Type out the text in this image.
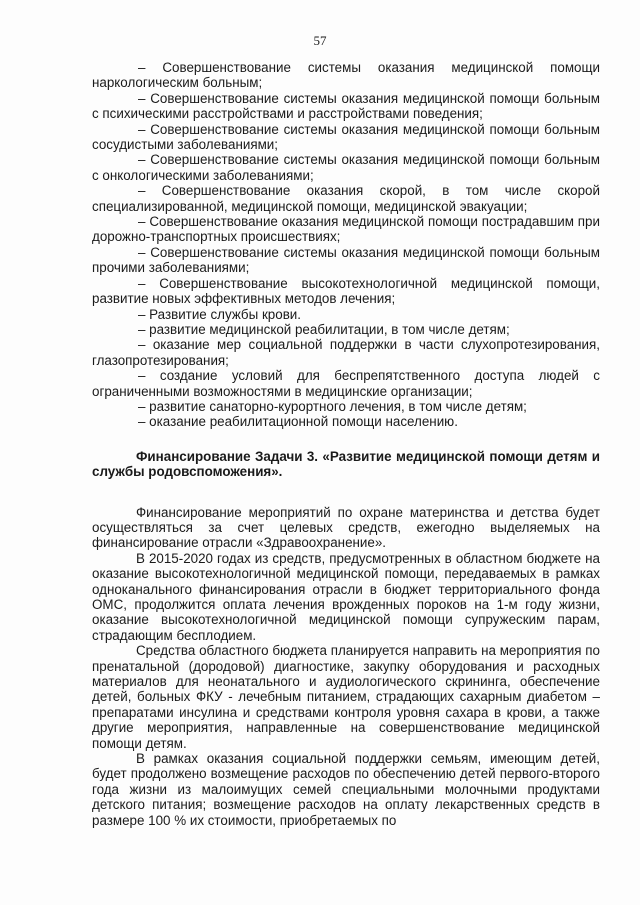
57

– Совершенствование системы оказания медицинской помощи наркологическим больным;

– Совершенствование системы оказания медицинской помощи больным с психическими расстройствами и расстройствами поведения;

– Совершенствование системы оказания медицинской помощи больным сосудистыми заболеваниями;

– Совершенствование системы оказания медицинской помощи больным с онкологическими заболеваниями;

– Совершенствование оказания скорой, в том числе скорой специализированной, медицинской помощи, медицинской эвакуации;

– Совершенствование оказания медицинской помощи пострадавшим при дорожно-транспортных происшествиях;

– Совершенствование системы оказания медицинской помощи больным прочими заболеваниями;

– Совершенствование высокотехнологичной медицинской помощи, развитие новых эффективных методов лечения;

– Развитие службы крови.

– развитие медицинской реабилитации, в том числе детям;

– оказание мер социальной поддержки в части слухопротезирования, глазопротезирования;

– создание условий для беспрепятственного доступа людей с ограниченными возможностями в медицинские организации;

– развитие санаторно-курортного лечения, в том числе детям;

– оказание реабилитационной помощи населению.

Финансирование Задачи 3. «Развитие медицинской помощи детям и службы родовспоможения».

Финансирование мероприятий по охране материнства и детства будет осуществляться за счет целевых средств, ежегодно выделяемых на финансирование отрасли «Здравоохранение».

В 2015-2020 годах из средств, предусмотренных в областном бюджете на оказание высокотехнологичной медицинской помощи, передаваемых в рамках одноканального финансирования отрасли в бюджет территориального фонда ОМС, продолжится оплата лечения врожденных пороков на 1-м году жизни, оказание высокотехнологичной медицинской помощи супружеским парам, страдающим бесплодием.

Средства областного бюджета планируется направить на мероприятия по пренатальной (дородовой) диагностике, закупку оборудования и расходных материалов для неонатального и аудиологического скрининга, обеспечение детей, больных ФКУ - лечебным питанием, страдающих сахарным диабетом – препаратами инсулина и средствами контроля уровня сахара в крови, а также другие мероприятия, направленные на совершенствование медицинской помощи детям.

В рамках оказания социальной поддержки семьям, имеющим детей, будет продолжено возмещение расходов по обеспечению детей первого-второго года жизни из малоимущих семей специальными молочными продуктами детского питания; возмещение расходов на оплату лекарственных средств в размере 100 % их стоимости, приобретаемых по
